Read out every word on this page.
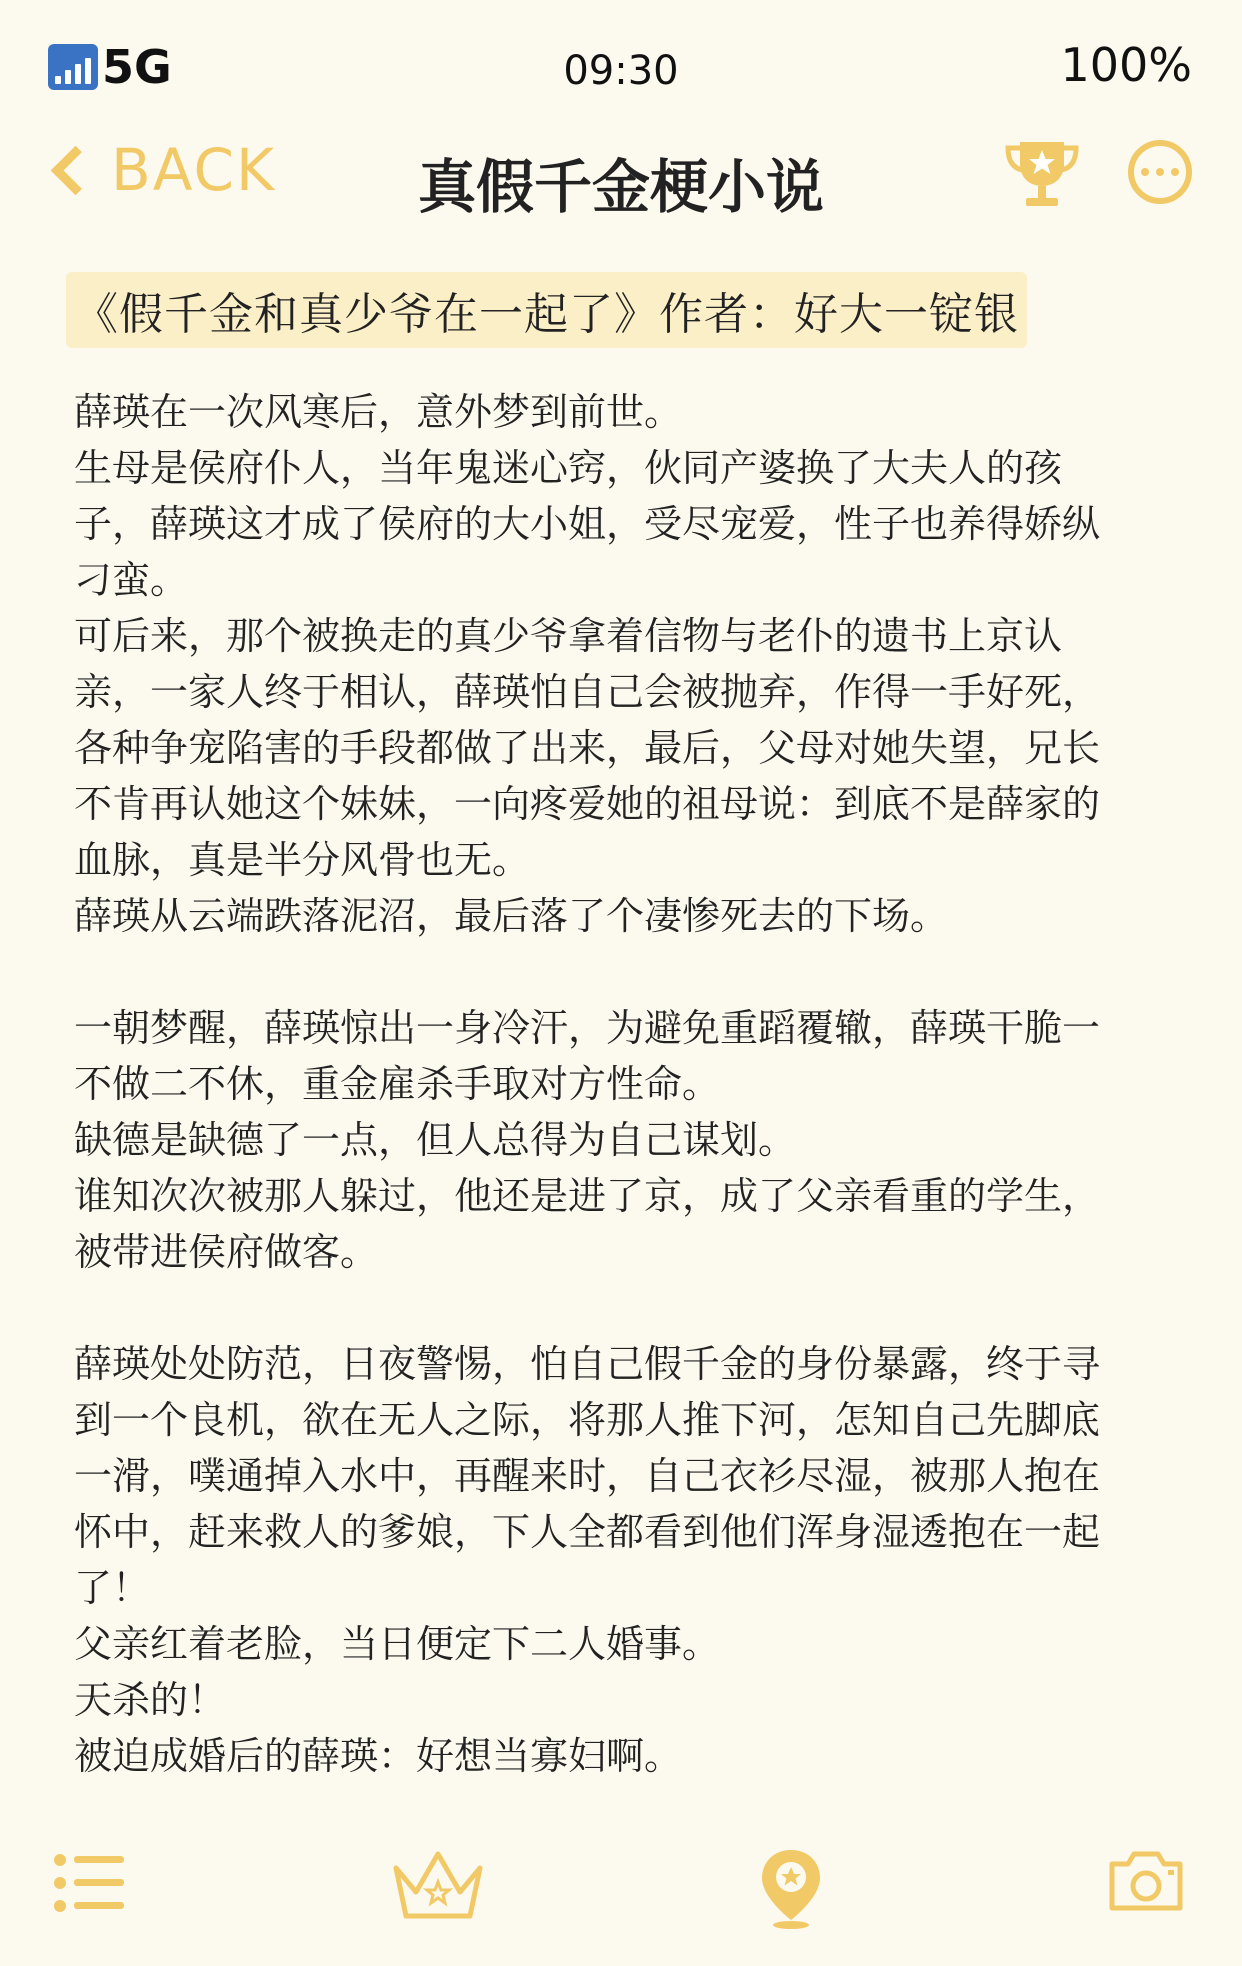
5G	09:30	100%
BACK	真假千金梗小说
《假千金和真少爷在一起了》作者：好大一锭银
薛瑛在一次风寒后，意外梦到前世。
生母是侯府仆人，当年鬼迷心窍，伙同产婆换了大夫人的孩
子，薛瑛这才成了侯府的大小姐，受尽宠爱，性子也养得娇纵
刁蛮。
可后来，那个被换走的真少爷拿着信物与老仆的遗书上京认
亲，一家人终于相认，薛瑛怕自己会被抛弃，作得一手好死，
各种争宠陷害的手段都做了出来，最后，父母对她失望，兄长
不肯再认她这个妹妹，一向疼爱她的祖母说：到底不是薛家的
血脉，真是半分风骨也无。
薛瑛从云端跌落泥沼，最后落了个凄惨死去的下场。
一朝梦醒，薛瑛惊出一身冷汗，为避免重蹈覆辙，薛瑛干脆一
不做二不休，重金雇杀手取对方性命。
缺德是缺德了一点，但人总得为自己谋划。
谁知次次被那人躲过，他还是进了京，成了父亲看重的学生，
被带进侯府做客。
薛瑛处处防范，日夜警惕，怕自己假千金的身份暴露，终于寻
到一个良机，欲在无人之际，将那人推下河，怎知自己先脚底
一滑，噗通掉入水中，再醒来时，自己衣衫尽湿，被那人抱在
怀中，赶来救人的爹娘，下人全都看到他们浑身湿透抱在一起
了！
父亲红着老脸，当日便定下二人婚事。
天杀的！
被迫成婚后的薛瑛：好想当寡妇啊。
